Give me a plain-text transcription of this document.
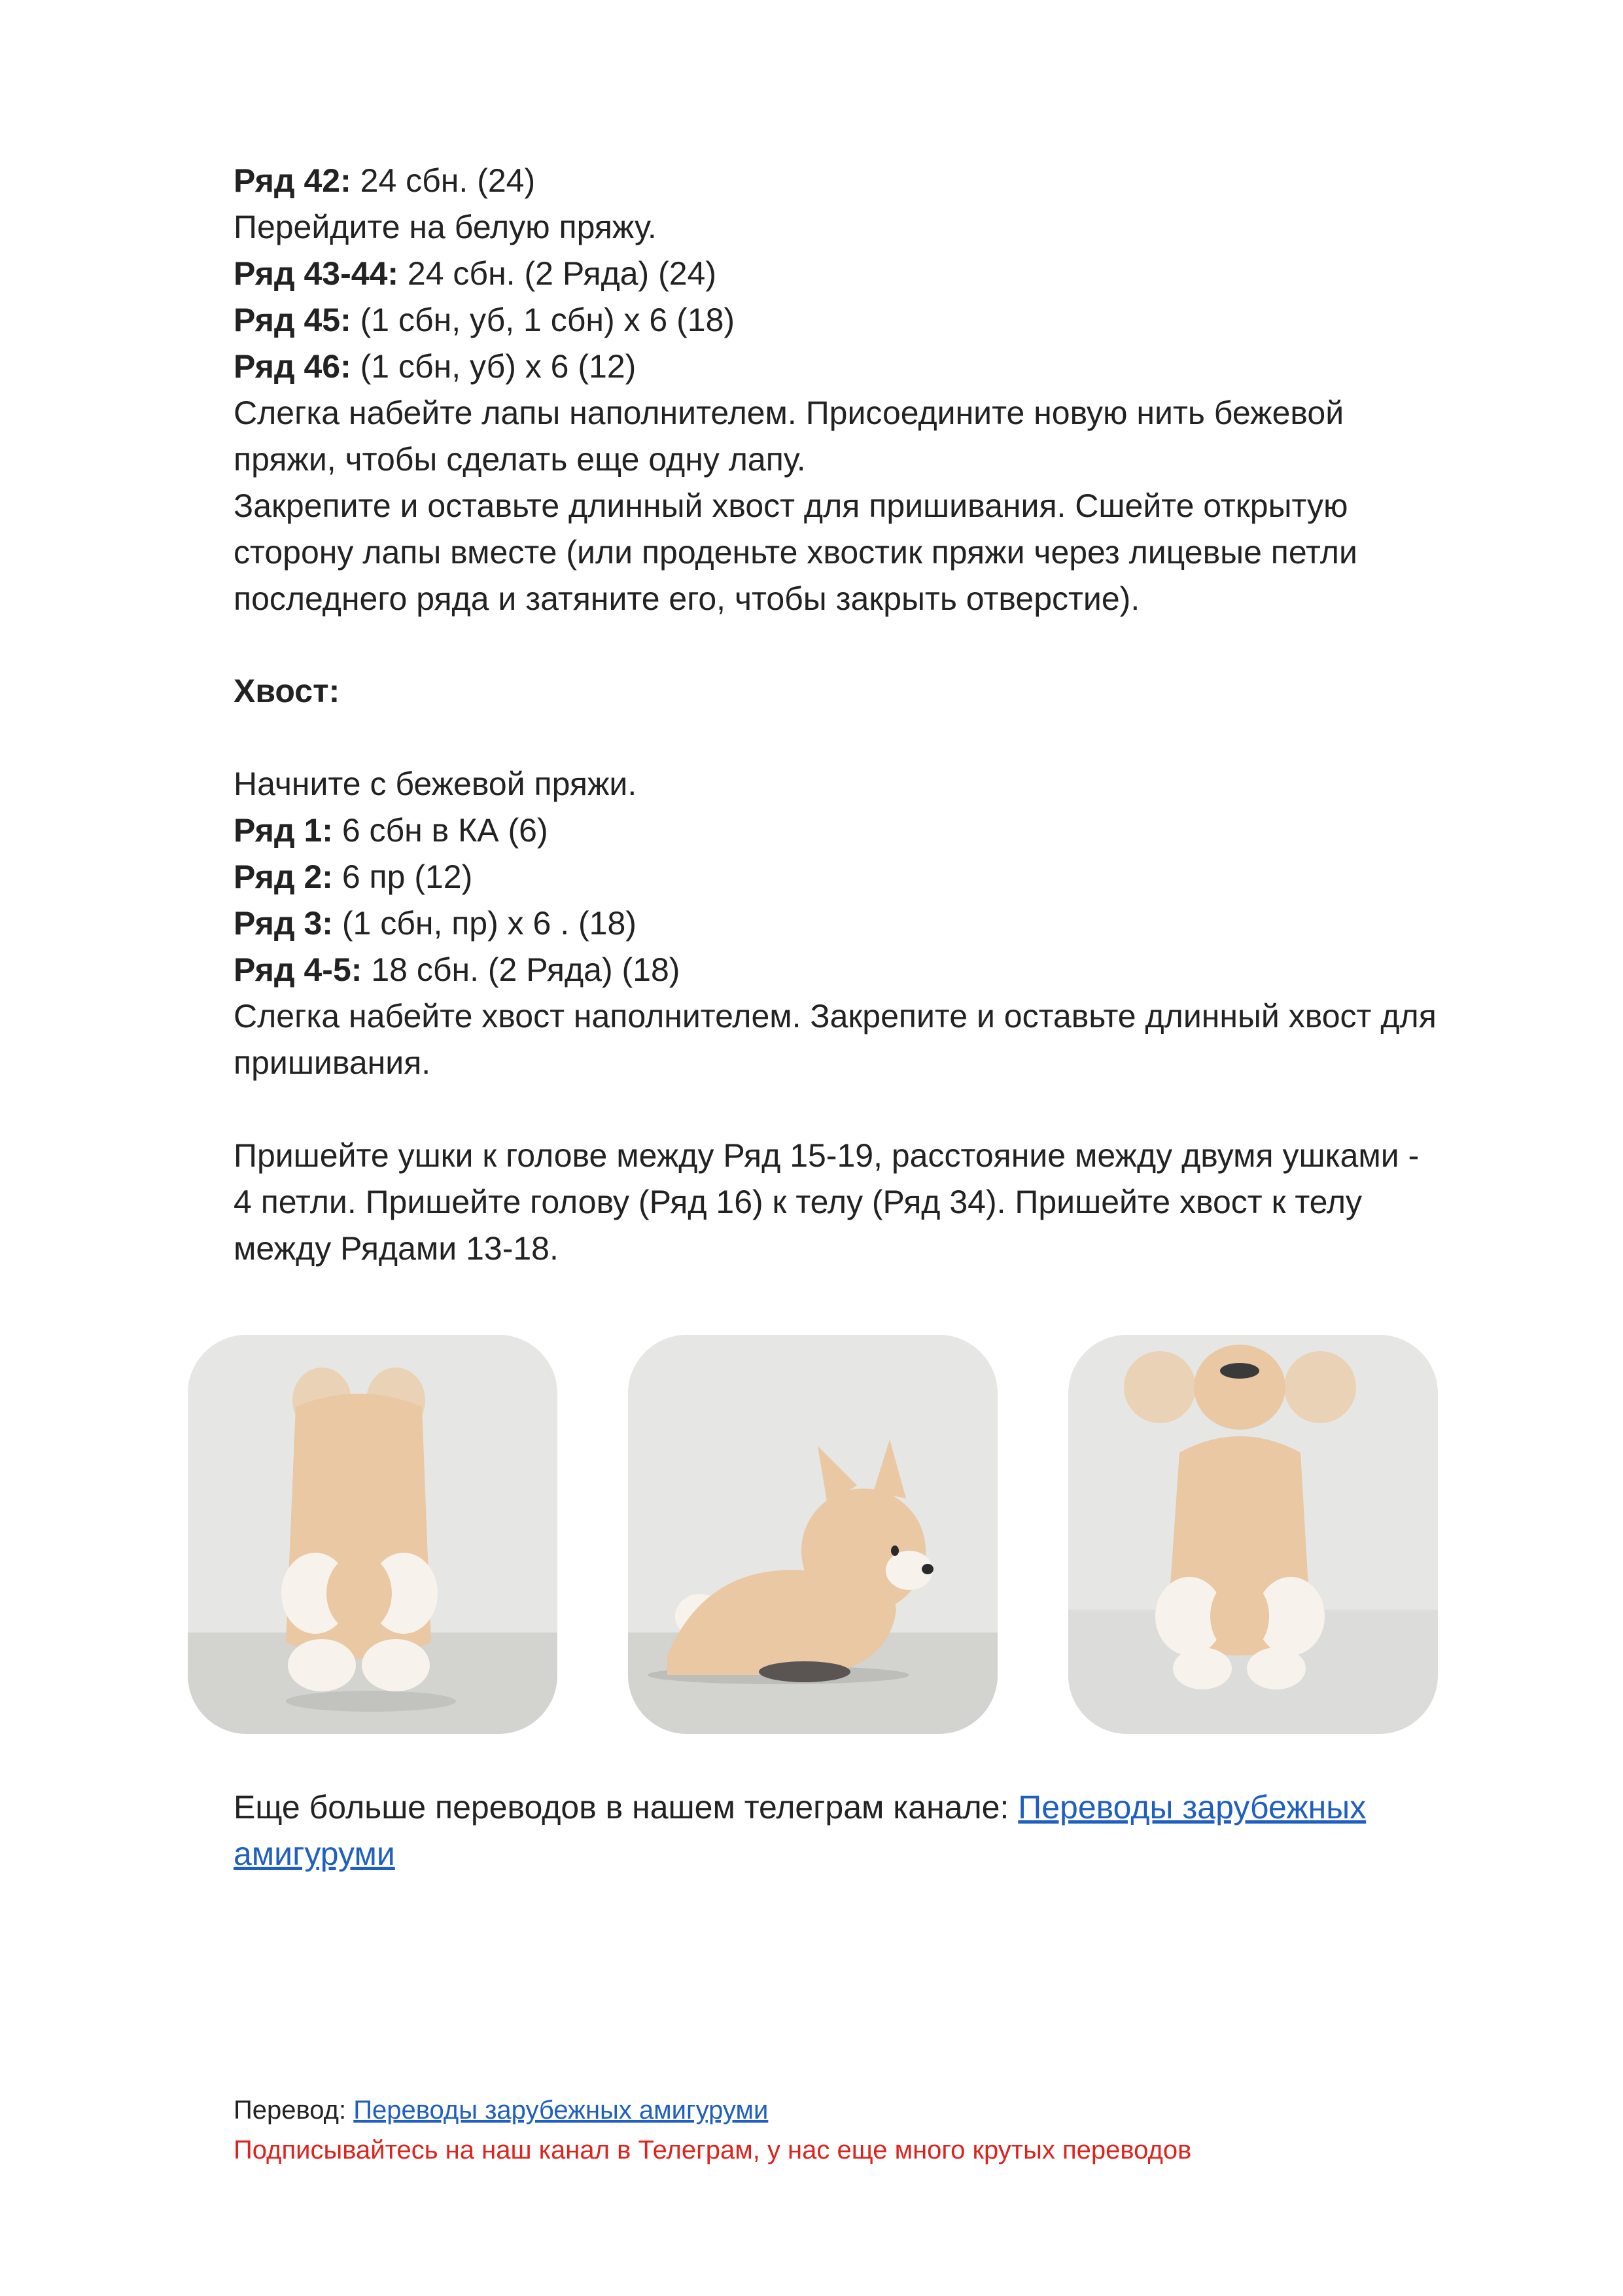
Ряд 42: 24 сбн. (24)
Перейдите на белую пряжу.
Ряд 43-44: 24 сбн. (2 Ряда) (24)
Ряд 45: (1 сбн, уб, 1 сбн) х 6 (18)
Ряд 46: (1 сбн, уб) х 6 (12)
Слегка набейте лапы наполнителем. Присоедините новую нить бежевой
пряжи, чтобы сделать еще одну лапу.
Закрепите и оставьте длинный хвост для пришивания. Сшейте открытую
сторону лапы вместе (или проденьте хвостик пряжи через лицевые петли
последнего ряда и затяните его, чтобы закрыть отверстие).
Хвост:
Начните с бежевой пряжи.
Ряд 1: 6 сбн в КА (6)
Ряд 2: 6 пр (12)
Ряд 3: (1 сбн, пр) х 6 . (18)
Ряд 4-5: 18 сбн. (2 Ряда) (18)
Слегка набейте хвост наполнителем. Закрепите и оставьте длинный хвост для
пришивания.
Пришейте ушки к голове между Ряд 15-19, расстояние между двумя ушками -
4 петли. Пришейте голову (Ряд 16) к телу (Ряд 34). Пришейте хвост к телу
между Рядами 13-18.
Еще больше переводов в нашем телеграм канале: Переводы зарубежных
амигуруми
Перевод: Переводы зарубежных амигуруми
Подписывайтесь на наш канал в Телеграм, у нас еще много крутых переводов
